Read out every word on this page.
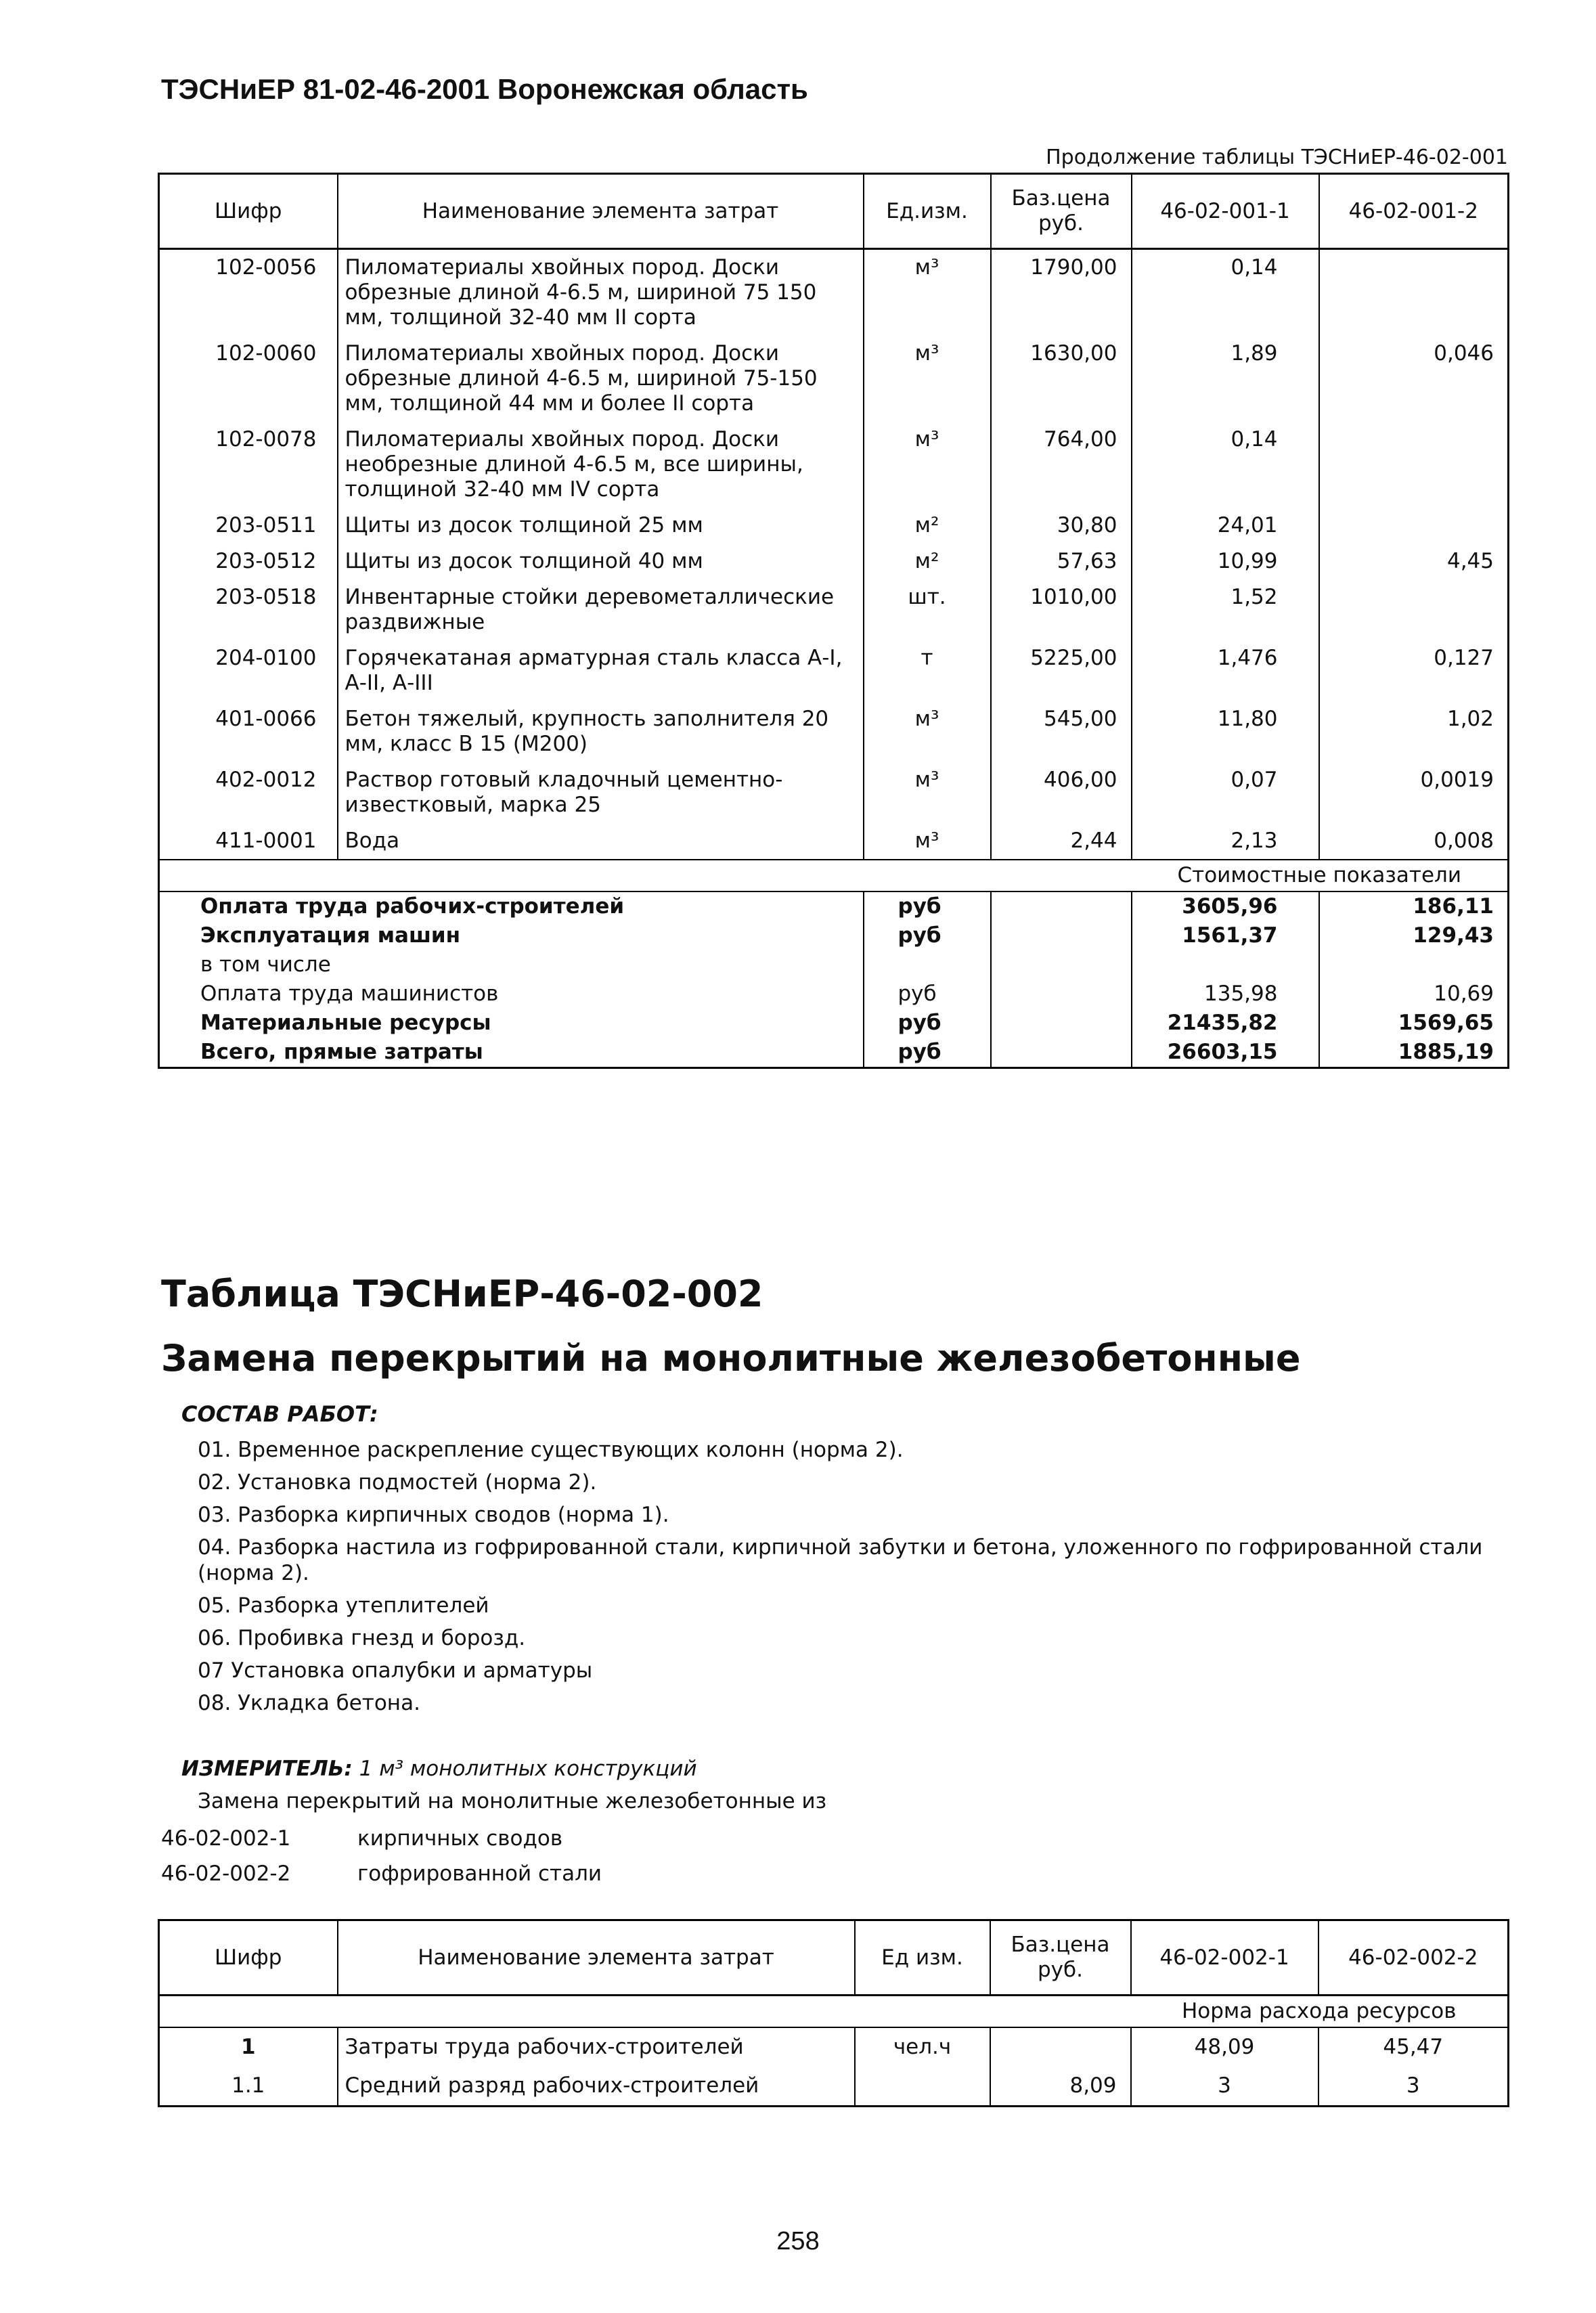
ТЭСНиЕР 81-02-46-2001 Воронежская область
Продолжение таблицы ТЭСНиЕР-46-02-001
Шифр	Наименование элемента затрат	Ед.изм.	Баз.цена руб.	46-02-001-1	46-02-001-2
102-0056	Пиломатериалы хвойных пород. Доски обрезные длиной 4-6.5 м, шириной 75 150 мм, толщиной 32-40 мм II сорта	м³	1790,00	0,14	
102-0060	Пиломатериалы хвойных пород. Доски обрезные длиной 4-6.5 м, шириной 75-150 мм, толщиной 44 мм и более II сорта	м³	1630,00	1,89	0,046
102-0078	Пиломатериалы хвойных пород. Доски необрезные длиной 4-6.5 м, все ширины, толщиной 32-40 мм IV сорта	м³	764,00	0,14	
203-0511	Щиты из досок толщиной 25 мм	м²	30,80	24,01	
203-0512	Щиты из досок толщиной 40 мм	м²	57,63	10,99	4,45
203-0518	Инвентарные стойки деревометаллические раздвижные	шт.	1010,00	1,52	
204-0100	Горячекатаная арматурная сталь класса А-I, А-II, А-III	т	5225,00	1,476	0,127
401-0066	Бетон тяжелый, крупность заполнителя 20 мм, класс В 15 (М200)	м³	545,00	11,80	1,02
402-0012	Раствор готовый кладочный цементно-известковый, марка 25	м³	406,00	0,07	0,0019
411-0001	Вода	м³	2,44	2,13	0,008
				Стоимостные показатели	
Оплата труда рабочих-строителей		руб		3605,96	186,11
Эксплуатация машин		руб		1561,37	129,43
в том числе					
Оплата труда машинистов		руб		135,98	10,69
Материальные ресурсы		руб		21435,82	1569,65
Всего, прямые затраты		руб		26603,15	1885,19
Таблица ТЭСНиЕР-46-02-002
Замена перекрытий на монолитные железобетонные
СОСТАВ РАБОТ:
01. Временное раскрепление существующих колонн (норма 2).
02. Установка подмостей (норма 2).
03. Разборка кирпичных сводов (норма 1).
04. Разборка настила из гофрированной стали, кирпичной забутки и бетона, уложенного по гофрированной стали (норма 2).
05. Разборка утеплителей
06. Пробивка гнезд и борозд.
07 Установка опалубки и арматуры
08. Укладка бетона.
ИЗМЕРИТЕЛЬ: 1 м³ монолитных конструкций
Замена перекрытий на монолитные железобетонные из
46-02-002-1	кирпичных сводов
46-02-002-2	гофрированной стали
Шифр	Наименование элемента затрат	Ед изм.	Баз.цена руб.	46-02-002-1	46-02-002-2
				Норма расхода ресурсов	
1	Затраты труда рабочих-строителей	чел.ч		48,09	45,47
1.1	Средний разряд рабочих-строителей		8,09	3	3
258
